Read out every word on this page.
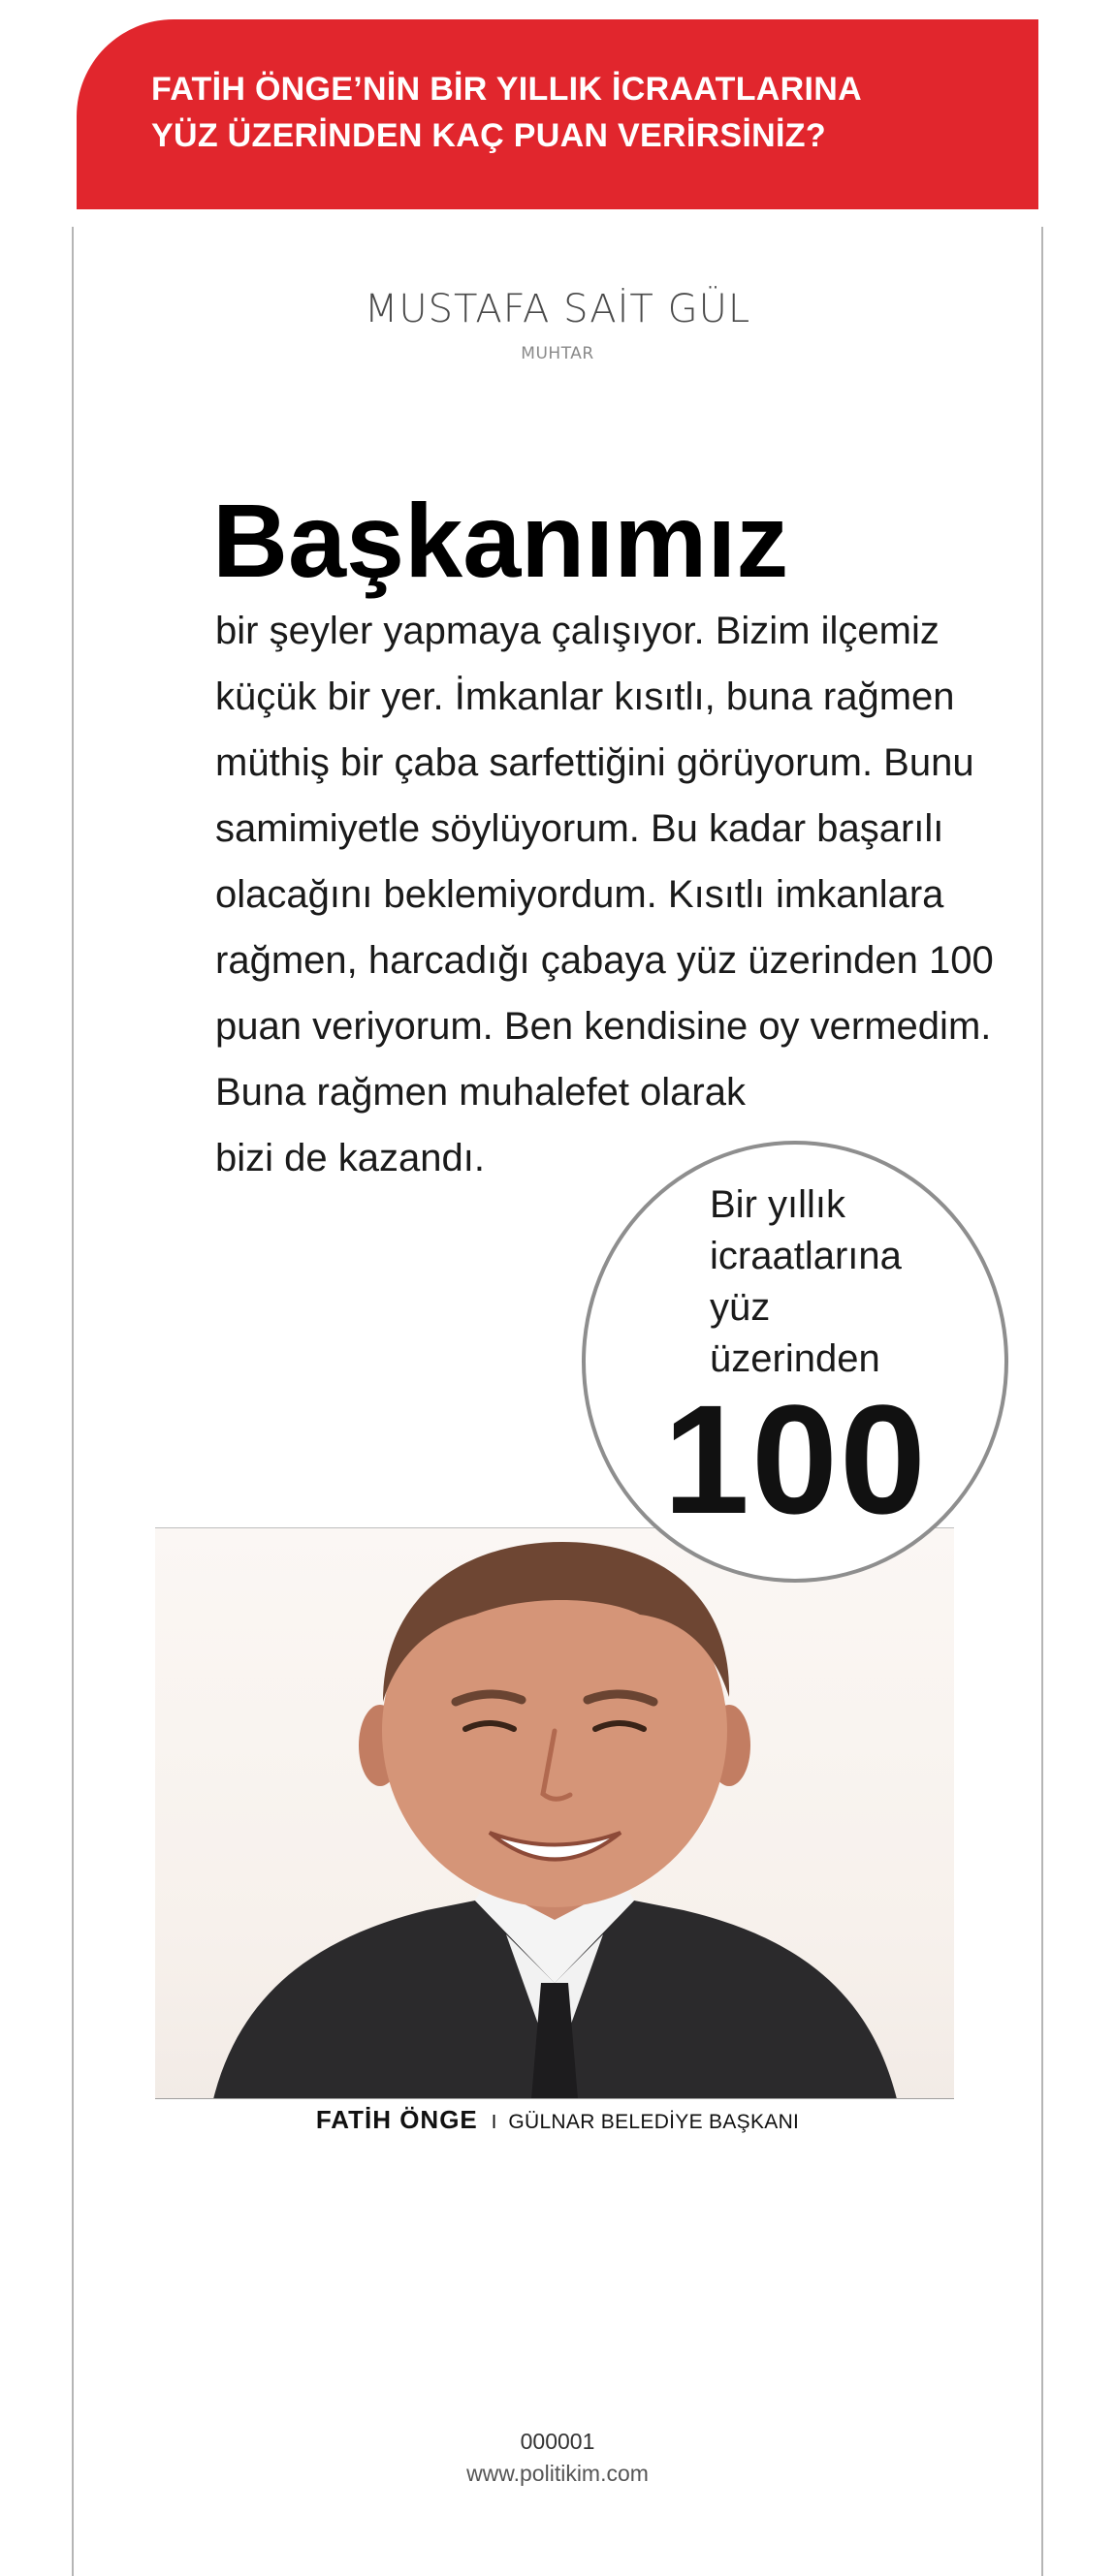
FATİH ÖNGE’NİN BİR YILLIK İCRAATLARINA
YÜZ ÜZERİNDEN KAÇ PUAN VERİRSİNİZ?
MUSTAFA SAİT GÜL
MUHTAR
Başkanımız
bir şeyler yapmaya çalışıyor. Bizim ilçemiz
küçük bir yer. İmkanlar kısıtlı, buna rağmen
müthiş bir çaba sarfettiğini görüyorum. Bunu
samimiyetle söylüyorum. Bu kadar başarılı
olacağını beklemiyordum. Kısıtlı imkanlara
rağmen, harcadığı çabaya yüz üzerinden 100
puan veriyorum. Ben kendisine oy vermedim.
Buna rağmen muhalefet olarak
bizi de kazandı.
Bir yıllık
icraatlarına
yüz
üzerinden
100
FATİH ÖNGE I GÜLNAR BELEDİYE BAŞKANI
000001
www.politikim.com
